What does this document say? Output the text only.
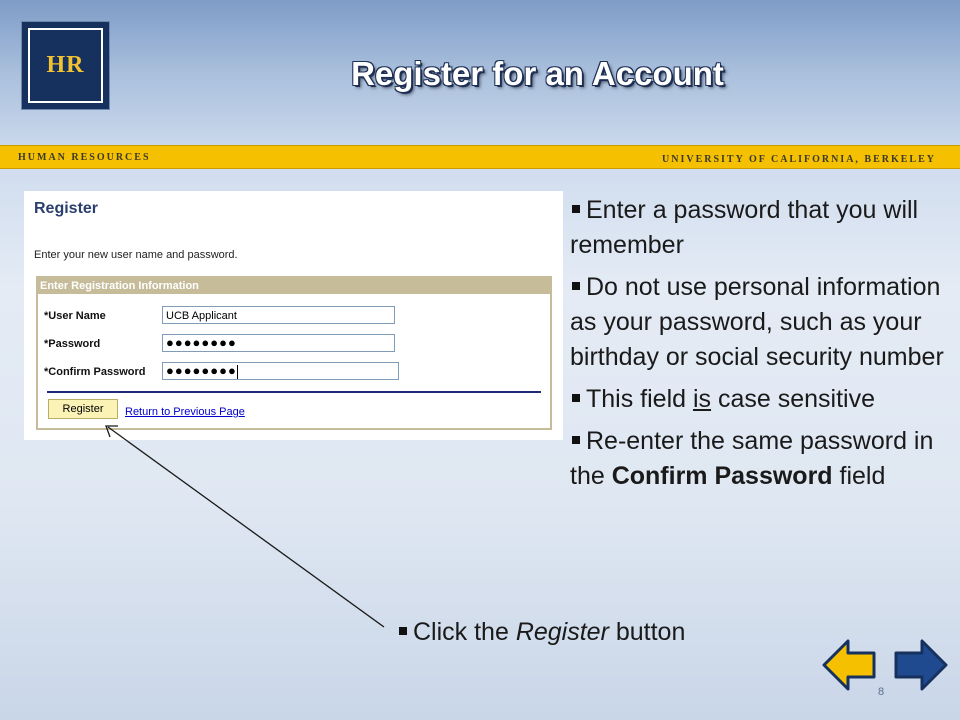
HR	Register for an Account
HUMAN RESOURCES	UNIVERSITY OF CALIFORNIA, BERKELEY
Register
Enter your new user name and password.
Enter Registration Information
*User Name	UCB Applicant
*Password	●●●●●●●●
*Confirm Password	●●●●●●●●
Register	Return to Previous Page
Enter a password that you will remember
Do not use personal information as your password, such as your birthday or social security number
This field is case sensitive
Re-enter the same password in the Confirm Password field
Click the Register button
8
